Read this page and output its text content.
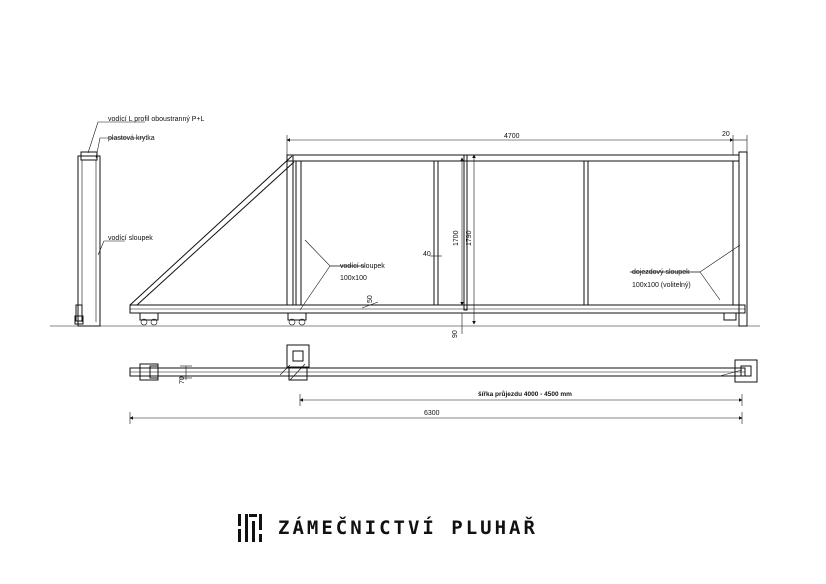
vodící L profil oboustranný P+L
plastová krytka
vodící sloupek
vodící sloupek
100x100
dojezdový sloupek
100x100 (volitelný)
šířka průjezdu 4000 - 4500 mm
4700	20
1700 1790
40
50
90
70
6300
ZÁMEČNICTVÍ PLUHAŘ
